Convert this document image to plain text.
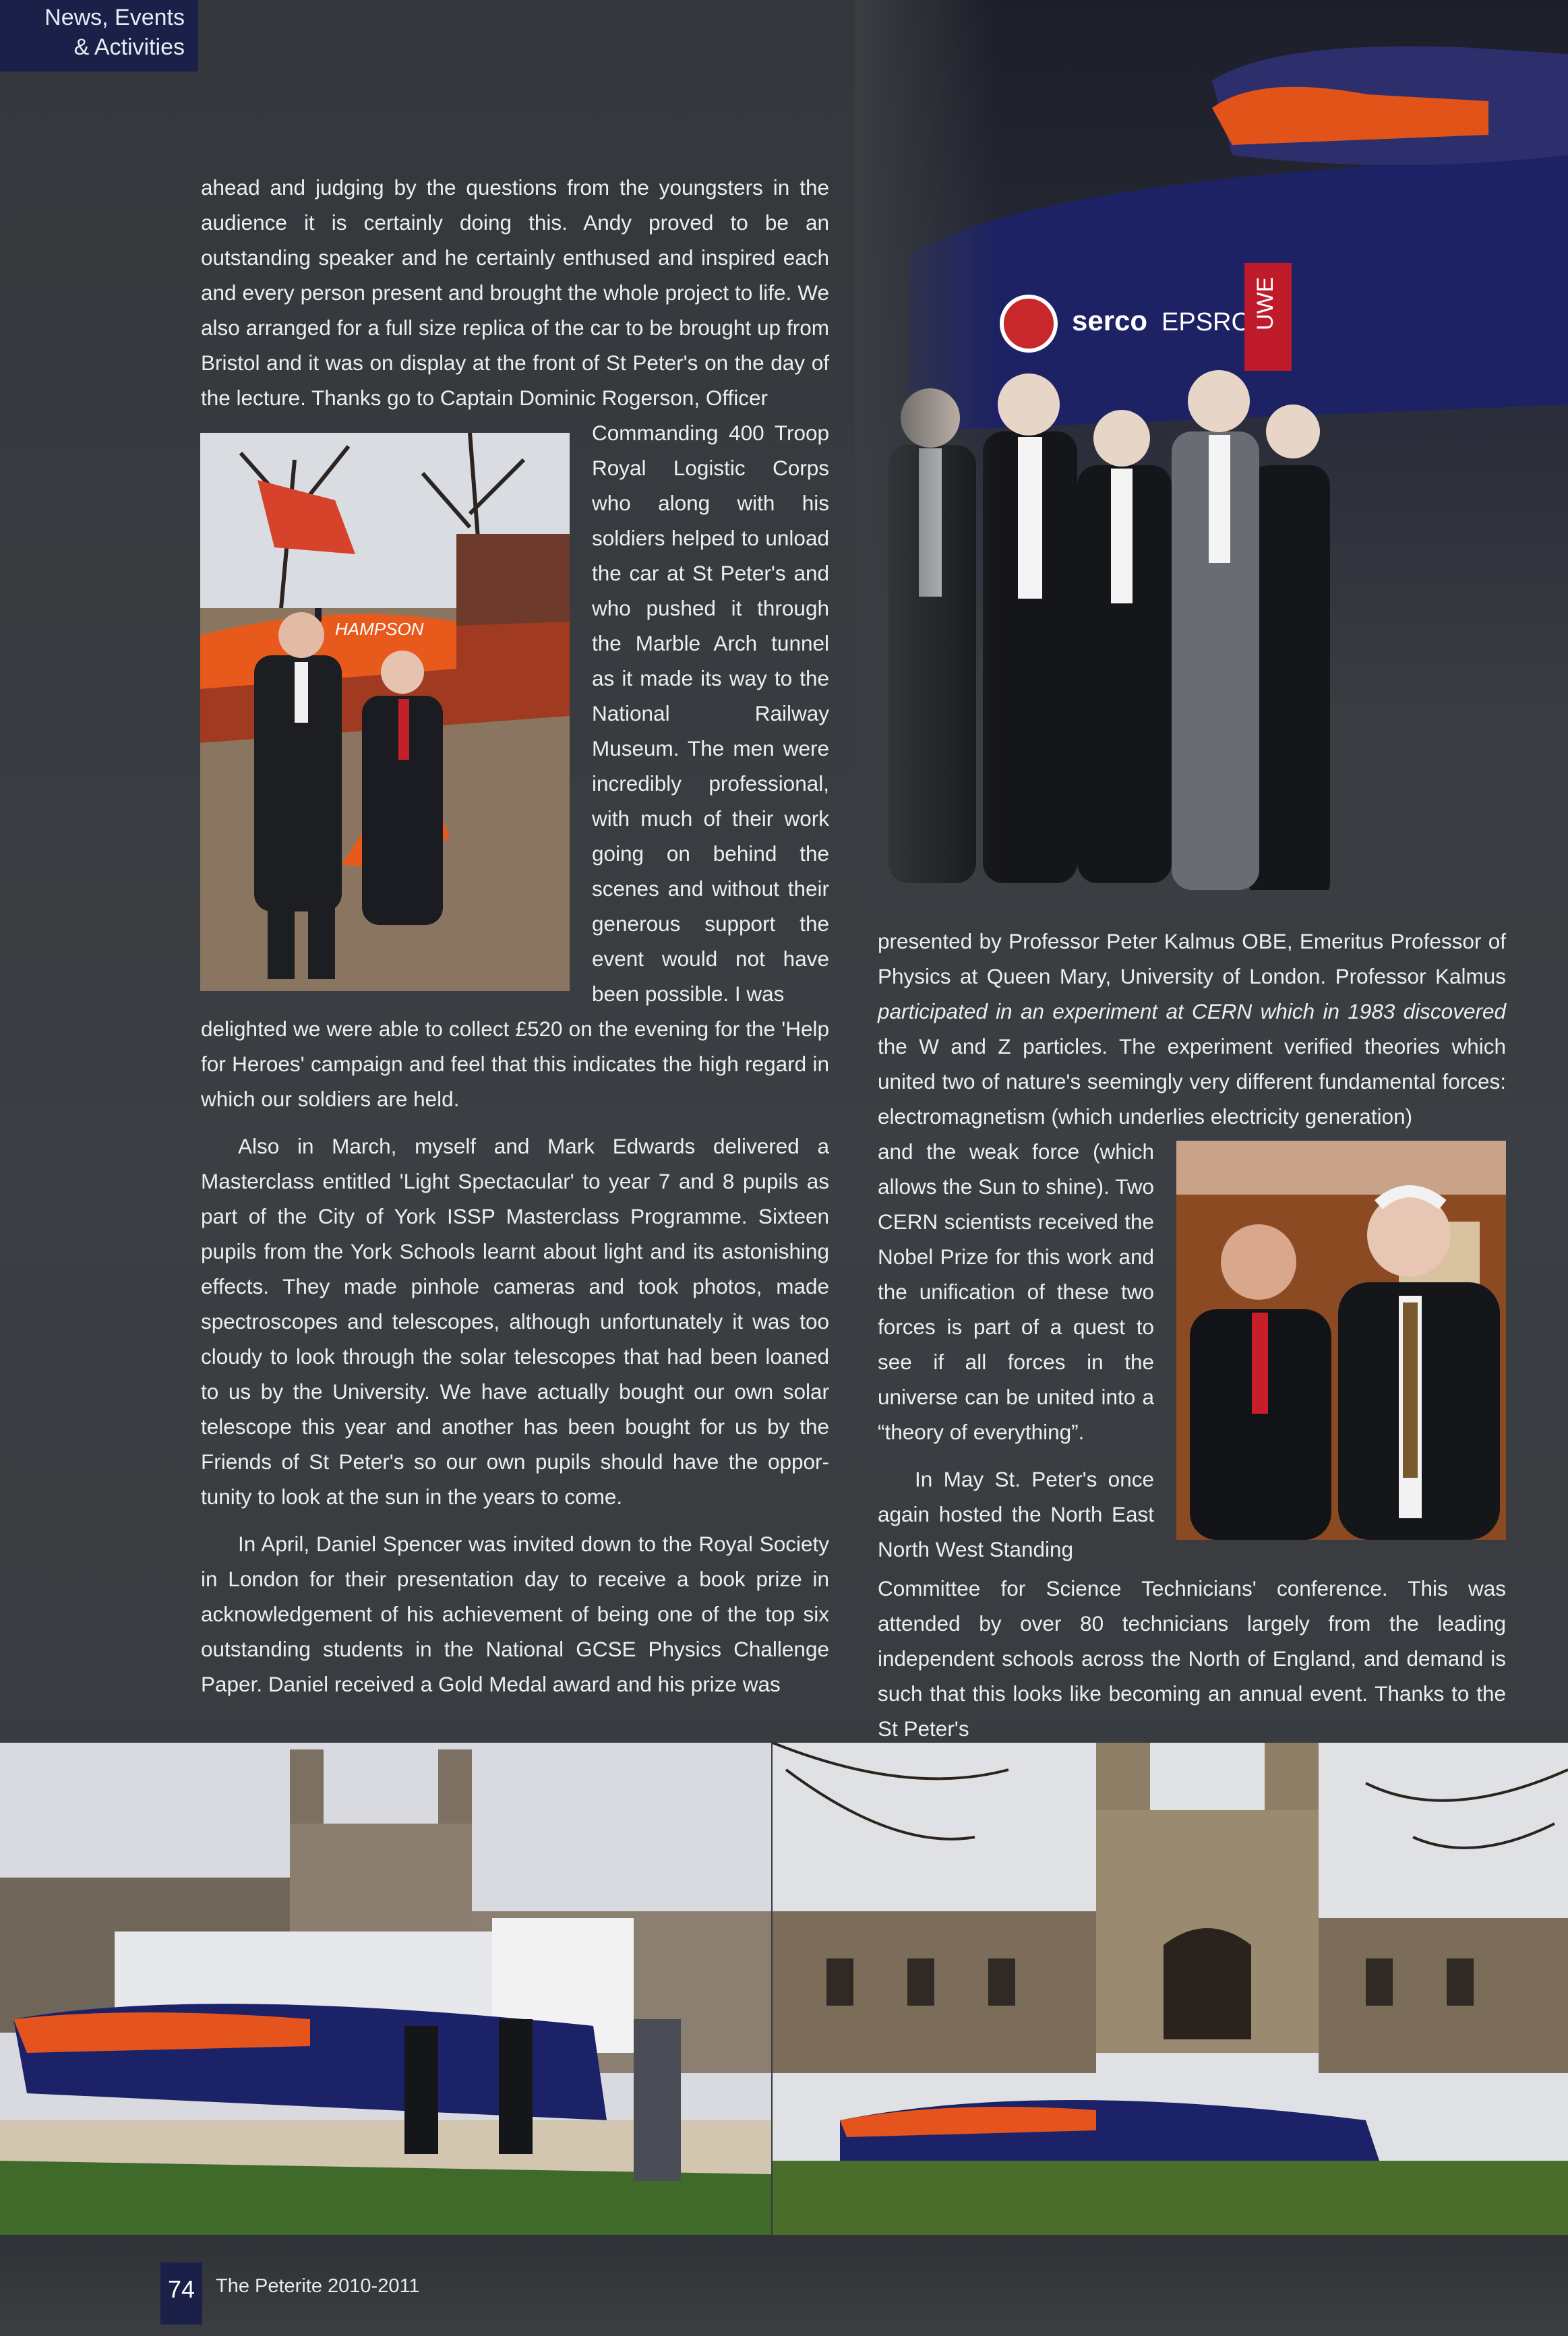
News, Events
& Activities

ahead and judging by the questions from the youngsters in the audience it is certainly doing this. Andy proved to be an outstanding speaker and he certainly enthused and inspired each and every person present and brought the whole project to life. We also arranged for a full size replica of the car to be brought up from Bristol and it was on display at the front of St Peter's on the day of the lecture. Thanks go to Captain Dominic Rogerson, Officer

HAMPSON

Commanding 400 Troop Royal Logistic Corps who along with his soldiers helped to unload the car at St Peter's and who pushed it through the Marble Arch tunnel as it made its way to the National Railway Museum. The men were incredibly professional, with much of their work going on behind the scenes and without their generous support the event would not have been possible. I was

delighted we were able to collect £520 on the evening for the 'Help for Heroes' campaign and feel that this indicates the high regard in which our soldiers are held.

Also in March, myself and Mark Edwards delivered a Masterclass entitled 'Light Spectacular' to year 7 and 8 pupils as part of the City of York ISSP Masterclass Programme. Sixteen pupils from the York Schools learnt about light and its astonishing effects. They made pinhole cameras and took photos, made spectroscopes and telescopes, although unfortunately it was too cloudy to look through the solar telescopes that had been loaned to us by the University. We have actually bought our own solar telescope this year and another has been bought for us by the Friends of St Peter's so our own pupils should have the oppor-tunity to look at the sun in the years to come.

In April, Daniel Spencer was invited down to the Royal Society in London for their presentation day to receive a book prize in acknowledgement of his achievement of being one of the top six outstanding students in the National GCSE Physics Challenge Paper. Daniel received a Gold Medal award and his prize was

presented by Professor Peter Kalmus OBE, Emeritus Professor of Physics at Queen Mary, University of London. Professor Kalmus participated in an experiment at CERN which in 1983 discovered the W and Z particles. The experiment verified theories which united two of nature's seemingly very different fundamental forces: electromagnetism (which underlies electricity generation)

and the weak force (which allows the Sun to shine). Two CERN scientists received the Nobel Prize for this work and the unification of these two forces is part of a quest to see if all forces in the universe can be united into a “theory of everything”.

In May St. Peter's once again hosted the North East North West Standing

Committee for Science Technicians' conference. This was attended by over 80 technicians largely from the leading independent schools across the North of England, and demand is such that this looks like becoming an annual event. Thanks to the St Peter's

74	The Peterite 2010-2011
